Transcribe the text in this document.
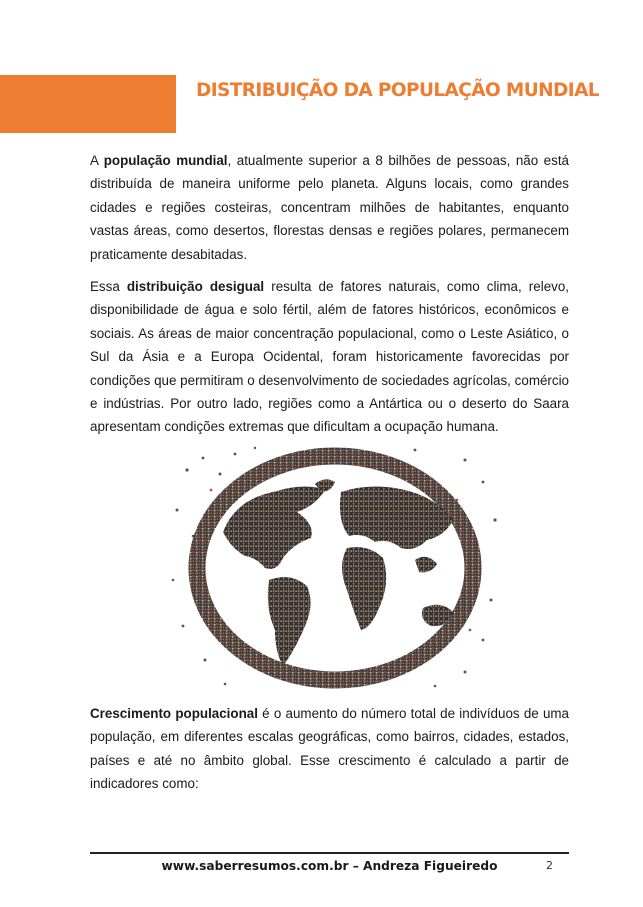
DISTRIBUIÇÃO DA POPULAÇÃO MUNDIAL

A população mundial, atualmente superior a 8 bilhões de pessoas, não está distribuída de maneira uniforme pelo planeta. Alguns locais, como grandes cidades e regiões costeiras, concentram milhões de habitantes, enquanto vastas áreas, como desertos, florestas densas e regiões polares, permanecem praticamente desabitadas.

Essa distribuição desigual resulta de fatores naturais, como clima, relevo, disponibilidade de água e solo fértil, além de fatores históricos, econômicos e sociais. As áreas de maior concentração populacional, como o Leste Asiático, o Sul da Ásia e a Europa Ocidental, foram historicamente favorecidas por condições que permitiram o desenvolvimento de sociedades agrícolas, comércio e indústrias. Por outro lado, regiões como a Antártica ou o deserto do Saara apresentam condições extremas que dificultam a ocupação humana.

Crescimento populacional é o aumento do número total de indivíduos de uma população, em diferentes escalas geográficas, como bairros, cidades, estados, países e até no âmbito global. Esse crescimento é calculado a partir de indicadores como:

www.saberresumos.com.br – Andreza Figueiredo	2
